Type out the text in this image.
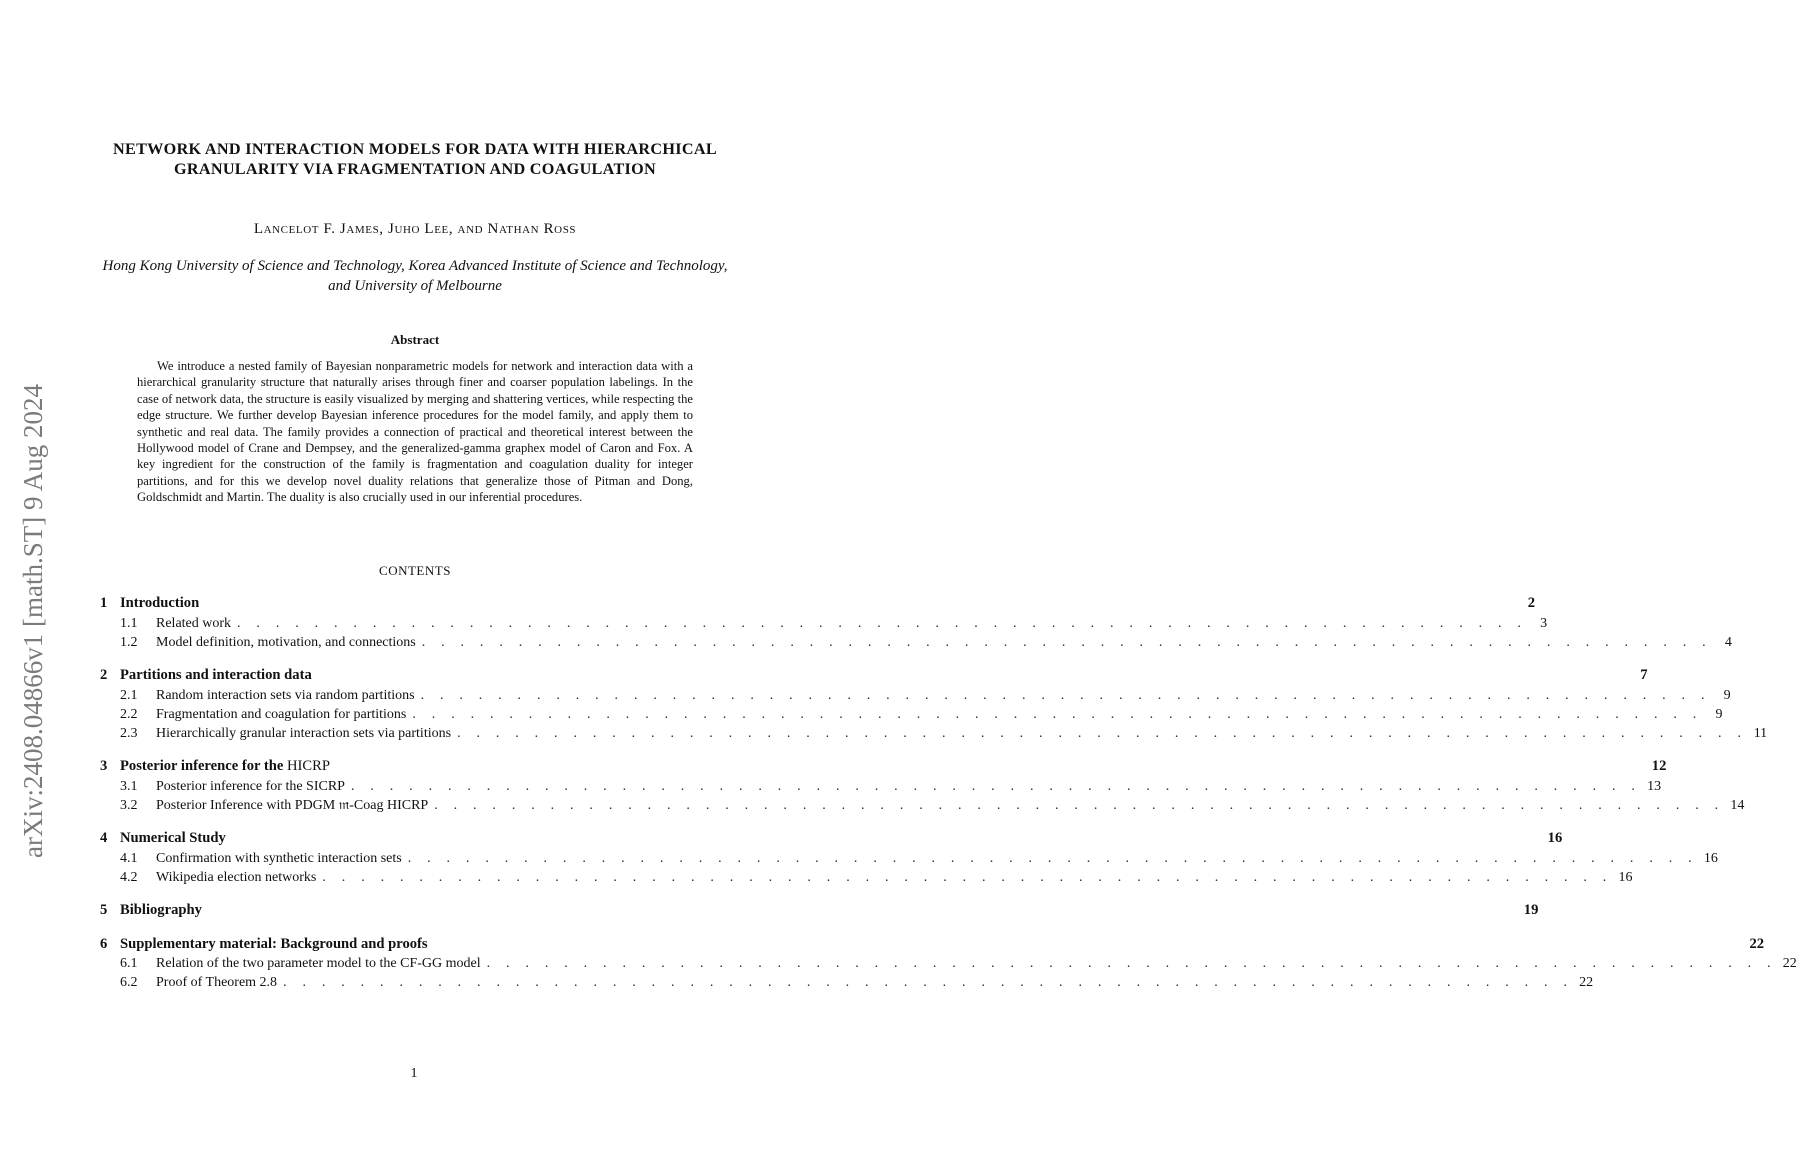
arXiv:2408.04866v1 [math.ST] 9 Aug 2024
NETWORK AND INTERACTION MODELS FOR DATA WITH HIERARCHICAL GRANULARITY VIA FRAGMENTATION AND COAGULATION
Lancelot F. James, Juho Lee, and Nathan Ross
Hong Kong University of Science and Technology, Korea Advanced Institute of Science and Technology, and University of Melbourne
Abstract
We introduce a nested family of Bayesian nonparametric models for network and interaction data with a hierarchical granularity structure that naturally arises through finer and coarser population labelings. In the case of network data, the structure is easily visualized by merging and shattering vertices, while respecting the edge structure. We further develop Bayesian inference procedures for the model family, and apply them to synthetic and real data. The family provides a connection of practical and theoretical interest between the Hollywood model of Crane and Dempsey, and the generalized-gamma graphex model of Caron and Fox. A key ingredient for the construction of the family is fragmentation and coagulation duality for integer partitions, and for this we develop novel duality relations that generalize those of Pitman and Dong, Goldschmidt and Martin. The duality is also crucially used in our inferential procedures.
CONTENTS
1 Introduction	2
1.1	Related work . . . . . . . . . . . . . . . . . . . . . . . . . . . . . . . . . . . . . . . . . . . . . . . . . . . . . . . . . . . . . . . . . . . 3
1.2	Model definition, motivation, and connections . . . . . . . . . . . . . . . . . . . . . . . . . . . . . . . . . . . . . . . . . . . . . . . . . . . . . . . . . . . . . . . . . . . 4
2 Partitions and interaction data	7
2.1	Random interaction sets via random partitions . . . . . . . . . . . . . . . . . . . . . . . . . . . . . . . . . . . . . . . . . . . . . . . . . . . . . . . . . . . . . . . . . . . 9
2.2	Fragmentation and coagulation for partitions . . . . . . . . . . . . . . . . . . . . . . . . . . . . . . . . . . . . . . . . . . . . . . . . . . . . . . . . . . . . . . . . . . . 9
2.3	Hierarchically granular interaction sets via partitions . . . . . . . . . . . . . . . . . . . . . . . . . . . . . . . . . . . . . . . . . . . . . . . . . . . . . . . . . . . . . . . . . . . 11
3 Posterior inference for the HICRP	12
3.1	Posterior inference for the SICRP . . . . . . . . . . . . . . . . . . . . . . . . . . . . . . . . . . . . . . . . . . . . . . . . . . . . . . . . . . . . . . . . . . . 13
3.2	Posterior Inference with PDGM 𝔪-Coag HICRP . . . . . . . . . . . . . . . . . . . . . . . . . . . . . . . . . . . . . . . . . . . . . . . . . . . . . . . . . . . . . . . . . . . 14
4 Numerical Study	16
4.1	Confirmation with synthetic interaction sets . . . . . . . . . . . . . . . . . . . . . . . . . . . . . . . . . . . . . . . . . . . . . . . . . . . . . . . . . . . . . . . . . . . 16
4.2	Wikipedia election networks . . . . . . . . . . . . . . . . . . . . . . . . . . . . . . . . . . . . . . . . . . . . . . . . . . . . . . . . . . . . . . . . . . . 16
5 Bibliography	19
6 Supplementary material: Background and proofs	22
6.1	Relation of the two parameter model to the CF-GG model . . . . . . . . . . . . . . . . . . . . . . . . . . . . . . . . . . . . . . . . . . . . . . . . . . . . . . . . . . . . . . . . . . . 22
6.2	Proof of Theorem 2.8 . . . . . . . . . . . . . . . . . . . . . . . . . . . . . . . . . . . . . . . . . . . . . . . . . . . . . . . . . . . . . . . . . . . 22
1
